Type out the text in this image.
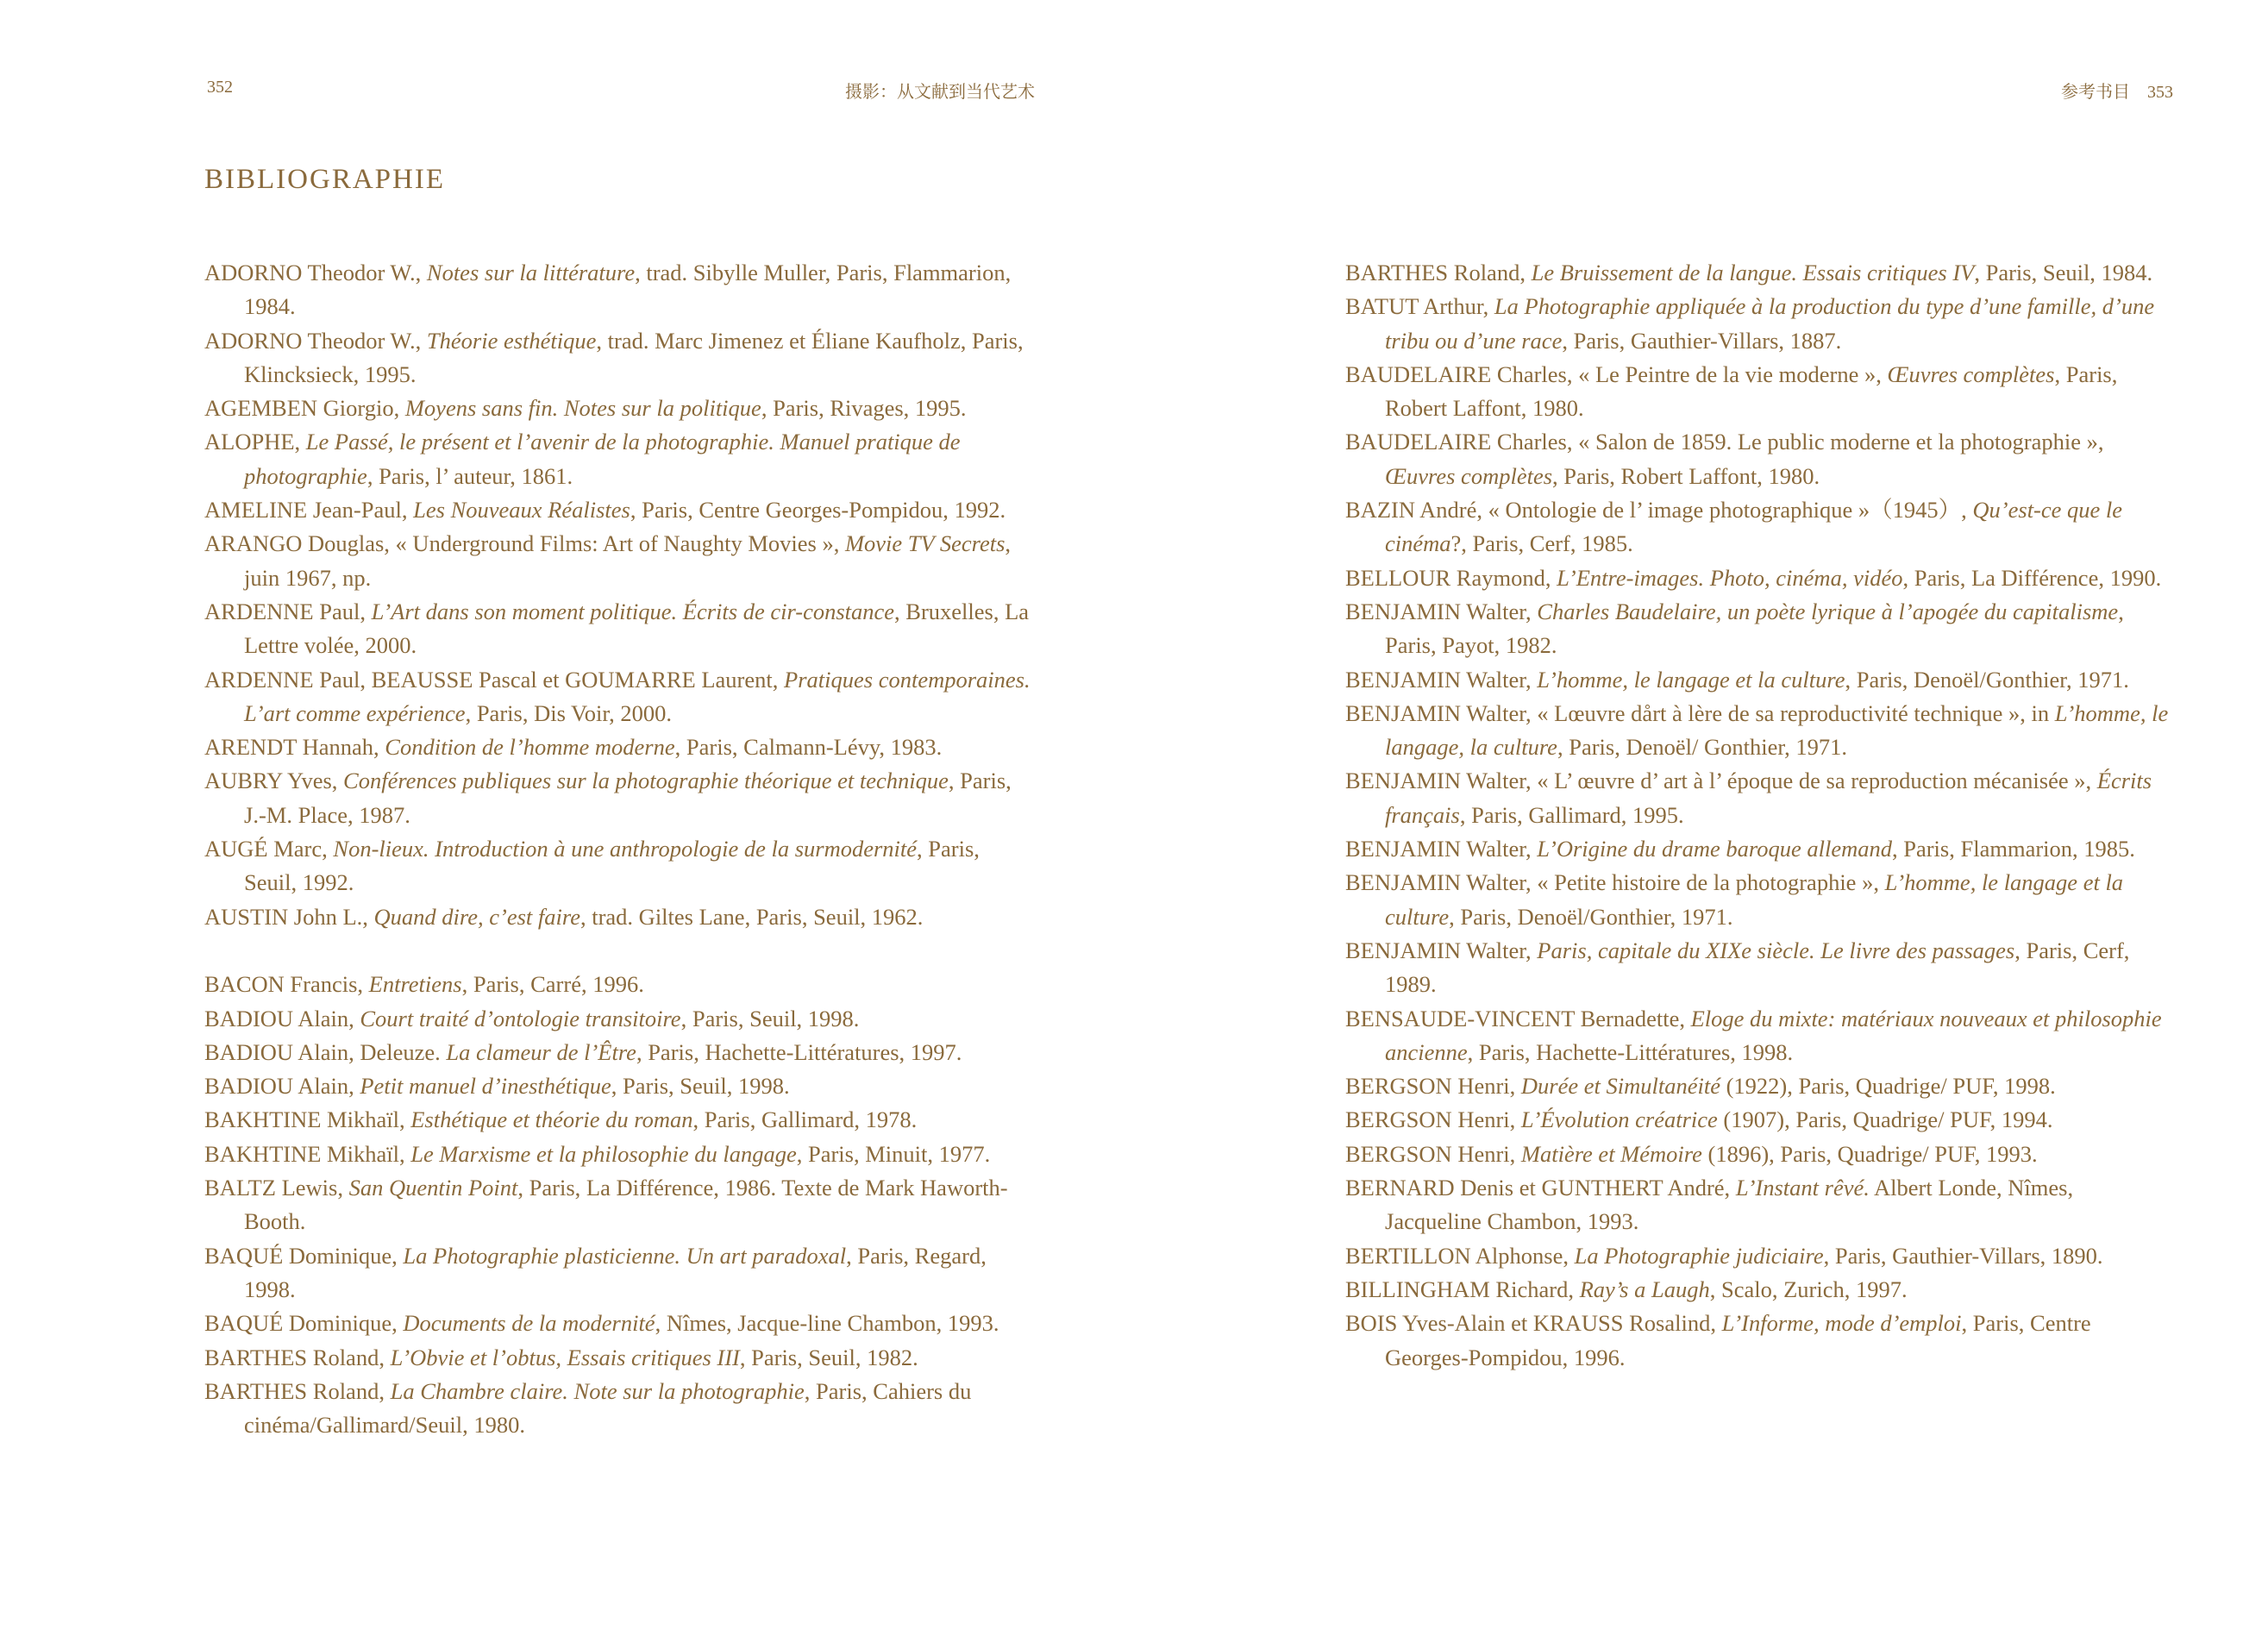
352	摄影：从文献到当代艺术	参考书目 353
BIBLIOGRAPHIE

ADORNO Theodor W., Notes sur la littérature, trad. Sibylle Muller, Paris, Flammarion, 1984.

ADORNO Theodor W., Théorie esthétique, trad. Marc Jimenez et Éliane Kaufholz, Paris, Klincksieck, 1995.

AGEMBEN Giorgio, Moyens sans fin. Notes sur la politique, Paris, Rivages, 1995.

ALOPHE, Le Passé, le présent et l’avenir de la photographie. Manuel pratique de photographie, Paris, l’ auteur, 1861.

AMELINE Jean-Paul, Les Nouveaux Réalistes, Paris, Centre Georges-Pompidou, 1992.

ARANGO Douglas, « Underground Films: Art of Naughty Movies », Movie TV Secrets, juin 1967, np.

ARDENNE Paul, L’Art dans son moment politique. Écrits de cir-constance, Bruxelles, La Lettre volée, 2000.

ARDENNE Paul, BEAUSSE Pascal et GOUMARRE Laurent, Pratiques contemporaines. L’art comme expérience, Paris, Dis Voir, 2000.

ARENDT Hannah, Condition de l’homme moderne, Paris, Calmann-Lévy, 1983.

AUBRY Yves, Conférences publiques sur la photographie théorique et technique, Paris, J.-M. Place, 1987.

AUGÉ Marc, Non-lieux. Introduction à une anthropologie de la surmodernité, Paris, Seuil, 1992.

AUSTIN John L., Quand dire, c’est faire, trad. Giltes Lane, Paris, Seuil, 1962.

BACON Francis, Entretiens, Paris, Carré, 1996.

BADIOU Alain, Court traité d’ontologie transitoire, Paris, Seuil, 1998.

BADIOU Alain, Deleuze. La clameur de l’Être, Paris, Hachette-Littératures, 1997.

BADIOU Alain, Petit manuel d’inesthétique, Paris, Seuil, 1998.

BAKHTINE Mikhaïl, Esthétique et théorie du roman, Paris, Gallimard, 1978.

BAKHTINE Mikhaïl, Le Marxisme et la philosophie du langage, Paris, Minuit, 1977.

BALTZ Lewis, San Quentin Point, Paris, La Différence, 1986. Texte de Mark Haworth-Booth.

BAQUÉ Dominique, La Photographie plasticienne. Un art paradoxal, Paris, Regard, 1998.

BAQUÉ Dominique, Documents de la modernité, Nîmes, Jacque-line Chambon, 1993.

BARTHES Roland, L’Obvie et l’obtus, Essais critiques III, Paris, Seuil, 1982.

BARTHES Roland, La Chambre claire. Note sur la photographie, Paris, Cahiers du cinéma/Gallimard/Seuil, 1980.

BARTHES Roland, Le Bruissement de la langue. Essais critiques IV, Paris, Seuil, 1984.

BATUT Arthur, La Photographie appliquée à la production du type d’une famille, d’une tribu ou d’une race, Paris, Gauthier-Villars, 1887.

BAUDELAIRE Charles, « Le Peintre de la vie moderne », Œuvres complètes, Paris, Robert Laffont, 1980.

BAUDELAIRE Charles, « Salon de 1859. Le public moderne et la photographie », Œuvres complètes, Paris, Robert Laffont, 1980.

BAZIN André, « Ontologie de l’ image photographique »（1945）, Qu’est-ce que le cinéma?, Paris, Cerf, 1985.

BELLOUR Raymond, L’Entre-images. Photo, cinéma, vidéo, Paris, La Différence, 1990.

BENJAMIN Walter, Charles Baudelaire, un poète lyrique à l’apogée du capitalisme, Paris, Payot, 1982.

BENJAMIN Walter, L’homme, le langage et la culture, Paris, Denoël/Gonthier, 1971.

BENJAMIN Walter, « Lœuvre dårt à lère de sa reproductivité technique », in L’homme, le langage, la culture, Paris, Denoël/ Gonthier, 1971.

BENJAMIN Walter, « L’ œuvre d’ art à l’ époque de sa reproduction mécanisée », Écrits français, Paris, Gallimard, 1995.

BENJAMIN Walter, L’Origine du drame baroque allemand, Paris, Flammarion, 1985.

BENJAMIN Walter, « Petite histoire de la photographie », L’homme, le langage et la culture, Paris, Denoël/Gonthier, 1971.

BENJAMIN Walter, Paris, capitale du XIXe siècle. Le livre des passages, Paris, Cerf, 1989.

BENSAUDE-VINCENT Bernadette, Eloge du mixte: matériaux nouveaux et philosophie ancienne, Paris, Hachette-Littératures, 1998.

BERGSON Henri, Durée et Simultanéité (1922), Paris, Quadrige/ PUF, 1998.

BERGSON Henri, L’Évolution créatrice (1907), Paris, Quadrige/ PUF, 1994.

BERGSON Henri, Matière et Mémoire (1896), Paris, Quadrige/ PUF, 1993.

BERNARD Denis et GUNTHERT André, L’Instant rêvé. Albert Londe, Nîmes, Jacqueline Chambon, 1993.

BERTILLON Alphonse, La Photographie judiciaire, Paris, Gauthier-Villars, 1890.

BILLINGHAM Richard, Ray’s a Laugh, Scalo, Zurich, 1997.

BOIS Yves-Alain et KRAUSS Rosalind, L’Informe, mode d’emploi, Paris, Centre Georges-Pompidou, 1996.
